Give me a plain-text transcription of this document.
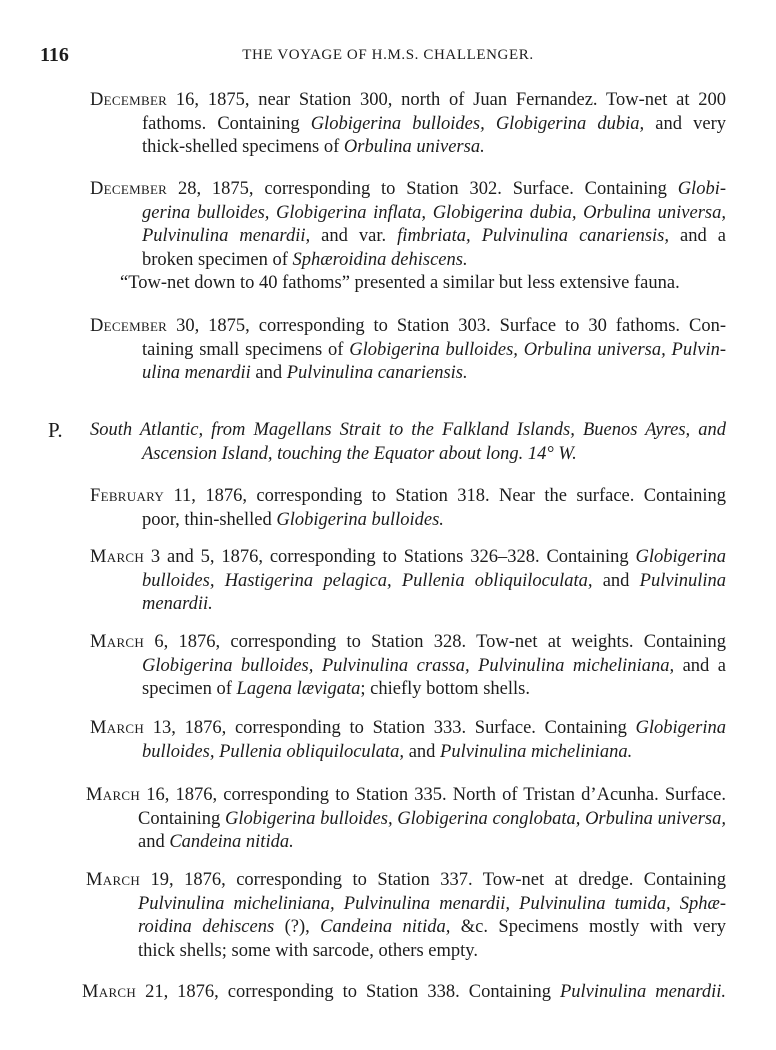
116	THE VOYAGE OF H.M.S. CHALLENGER.
December 16, 1875, near Station 300, north of Juan Fernandez. Tow-net at 200
fathoms. Containing Globigerina bulloides, Globigerina dubia, and very
thick-shelled specimens of Orbulina universa.
December 28, 1875, corresponding to Station 302. Surface. Containing Globi-
gerina bulloides, Globigerina inflata, Globigerina dubia, Orbulina universa,
Pulvinulina menardii, and var. fimbriata, Pulvinulina canariensis, and a
broken specimen of Sphæroidina dehiscens.
“Tow-net down to 40 fathoms” presented a similar but less extensive fauna.
December 30, 1875, corresponding to Station 303. Surface to 30 fathoms. Con-
taining small specimens of Globigerina bulloides, Orbulina universa, Pulvin-
ulina menardii and Pulvinulina canariensis.
P. South Atlantic, from Magellans Strait to the Falkland Islands, Buenos Ayres, and
Ascension Island, touching the Equator about long. 14° W.
February 11, 1876, corresponding to Station 318. Near the surface. Containing
poor, thin-shelled Globigerina bulloides.
March 3 and 5, 1876, corresponding to Stations 326–328. Containing Globigerina
bulloides, Hastigerina pelagica, Pullenia obliquiloculata, and Pulvinulina
menardii.
March 6, 1876, corresponding to Station 328. Tow-net at weights. Containing
Globigerina bulloides, Pulvinulina crassa, Pulvinulina micheliniana, and a
specimen of Lagena lævigata; chiefly bottom shells.
March 13, 1876, corresponding to Station 333. Surface. Containing Globigerina
bulloides, Pullenia obliquiloculata, and Pulvinulina micheliniana.
March 16, 1876, corresponding to Station 335. North of Tristan d’Acunha. Surface.
Containing Globigerina bulloides, Globigerina conglobata, Orbulina universa,
and Candeina nitida.
March 19, 1876, corresponding to Station 337. Tow-net at dredge. Containing
Pulvinulina micheliniana, Pulvinulina menardii, Pulvinulina tumida, Sphæ-
roidina dehiscens (?), Candeina nitida, &c. Specimens mostly with very
thick shells; some with sarcode, others empty.
March 21, 1876, corresponding to Station 338. Containing Pulvinulina menardii.
